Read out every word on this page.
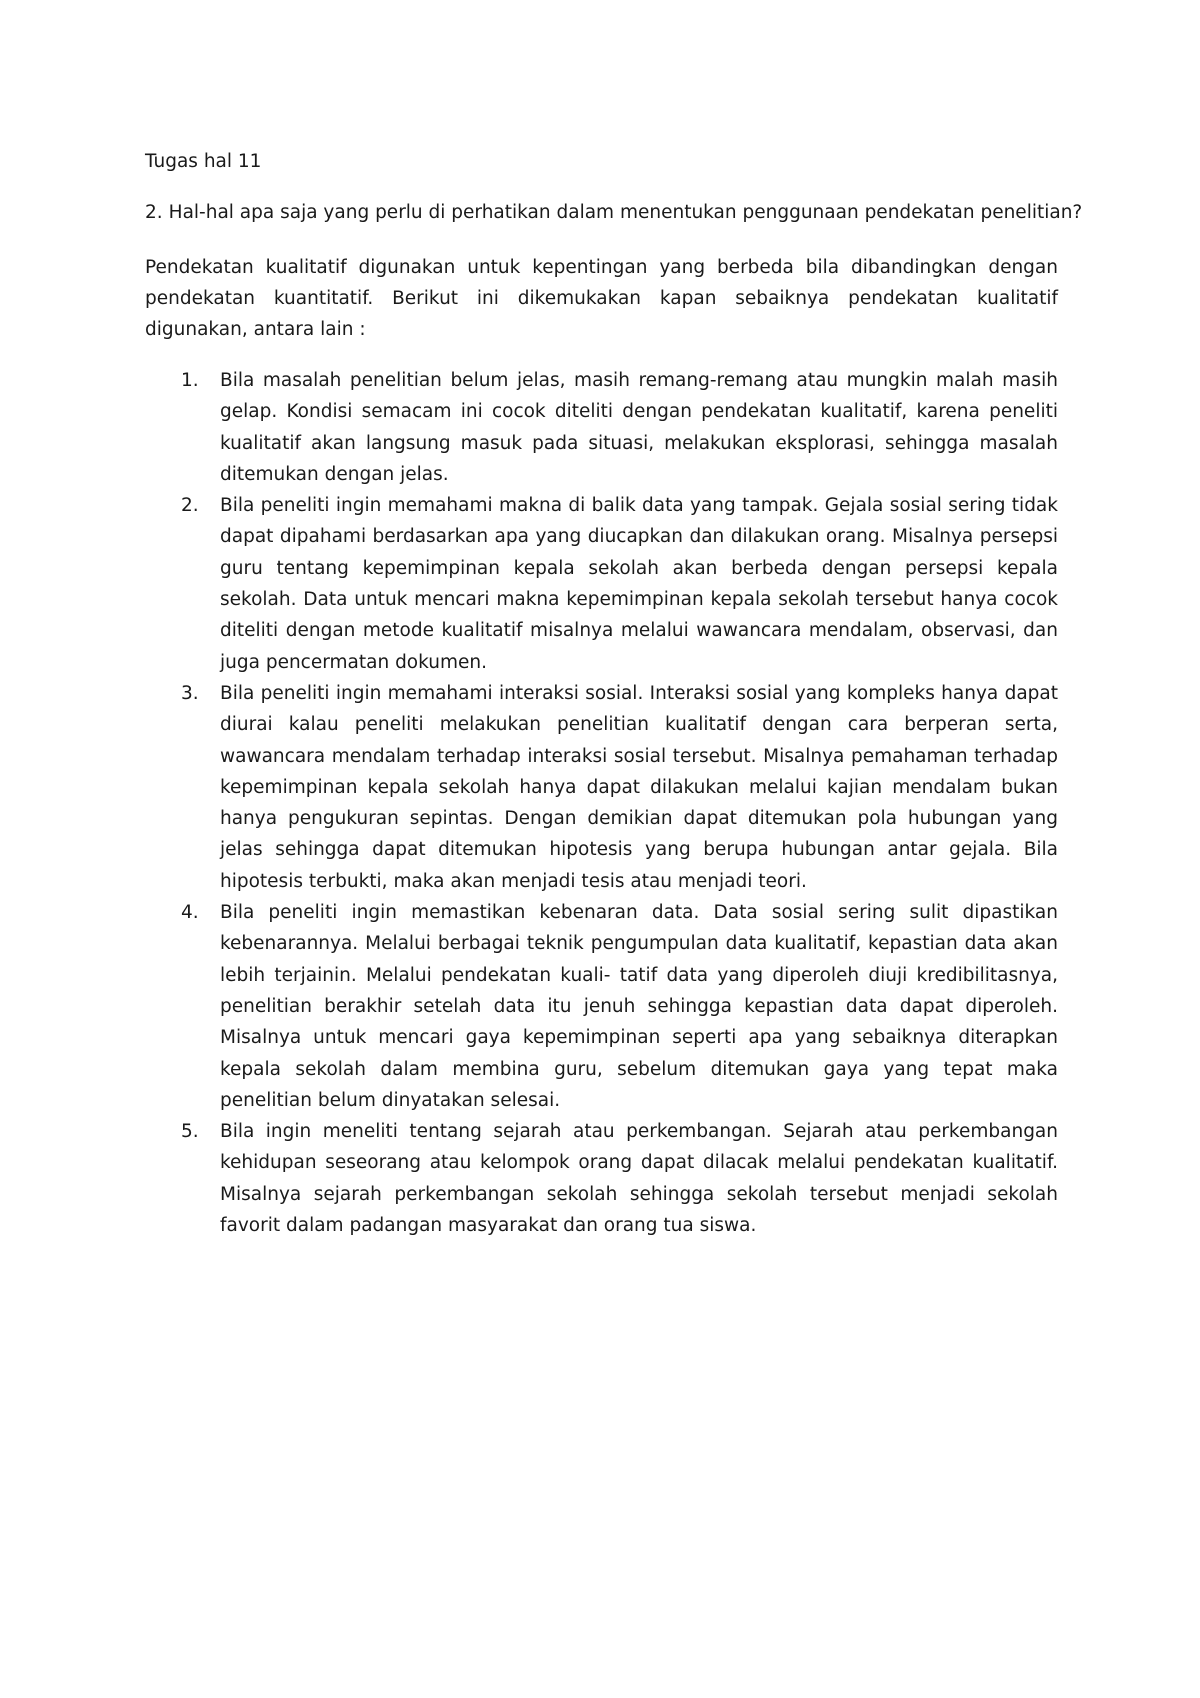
Tugas hal 11

2. Hal-hal apa saja yang perlu di perhatikan dalam menentukan penggunaan pendekatan penelitian?

Pendekatan kualitatif digunakan untuk kepentingan yang berbeda bila dibandingkan dengan pendekatan kuantitatif. Berikut ini dikemukakan kapan sebaiknya pendekatan kualitatif digunakan, antara lain :

1. Bila masalah penelitian belum jelas, masih remang-remang atau mungkin malah masih gelap. Kondisi semacam ini cocok diteliti dengan pendekatan kualitatif, karena peneliti kualitatif akan langsung masuk pada situasi, melakukan eksplorasi, sehingga masalah ditemukan dengan jelas.
2. Bila peneliti ingin memahami makna di balik data yang tampak. Gejala sosial sering tidak dapat dipahami berdasarkan apa yang diucapkan dan dilakukan orang. Misalnya persepsi guru tentang kepemimpinan kepala sekolah akan berbeda dengan persepsi kepala sekolah. Data untuk mencari makna kepemimpinan kepala sekolah tersebut hanya cocok diteliti dengan metode kualitatif misalnya melalui wawancara mendalam, observasi, dan juga pencermatan dokumen.
3. Bila peneliti ingin memahami interaksi sosial. Interaksi sosial yang kompleks hanya dapat diurai kalau peneliti melakukan penelitian kualitatif dengan cara berperan serta, wawancara mendalam terhadap interaksi sosial tersebut. Misalnya pemahaman terhadap kepemimpinan kepala sekolah hanya dapat dilakukan melalui kajian mendalam bukan hanya pengukuran sepintas. Dengan demikian dapat ditemukan pola hubungan yang jelas sehingga dapat ditemukan hipotesis yang berupa hubungan antar gejala. Bila hipotesis terbukti, maka akan menjadi tesis atau menjadi teori.
4. Bila peneliti ingin memastikan kebenaran data. Data sosial sering sulit dipastikan kebenarannya. Melalui berbagai teknik pengumpulan data kualitatif, kepastian data akan lebih terjainin. Melalui pendekatan kuali- tatif data yang diperoleh diuji kredibilitasnya, penelitian berakhir setelah data itu jenuh sehingga kepastian data dapat diperoleh. Misalnya untuk mencari gaya kepemimpinan seperti apa yang sebaiknya diterapkan kepala sekolah dalam membina guru, sebelum ditemukan gaya yang tepat maka penelitian belum dinyatakan selesai.
5. Bila ingin meneliti tentang sejarah atau perkembangan. Sejarah atau perkembangan kehidupan seseorang atau kelompok orang dapat dilacak melalui pendekatan kualitatif. Misalnya sejarah perkembangan sekolah sehingga sekolah tersebut menjadi sekolah favorit dalam padangan masyarakat dan orang tua siswa.
